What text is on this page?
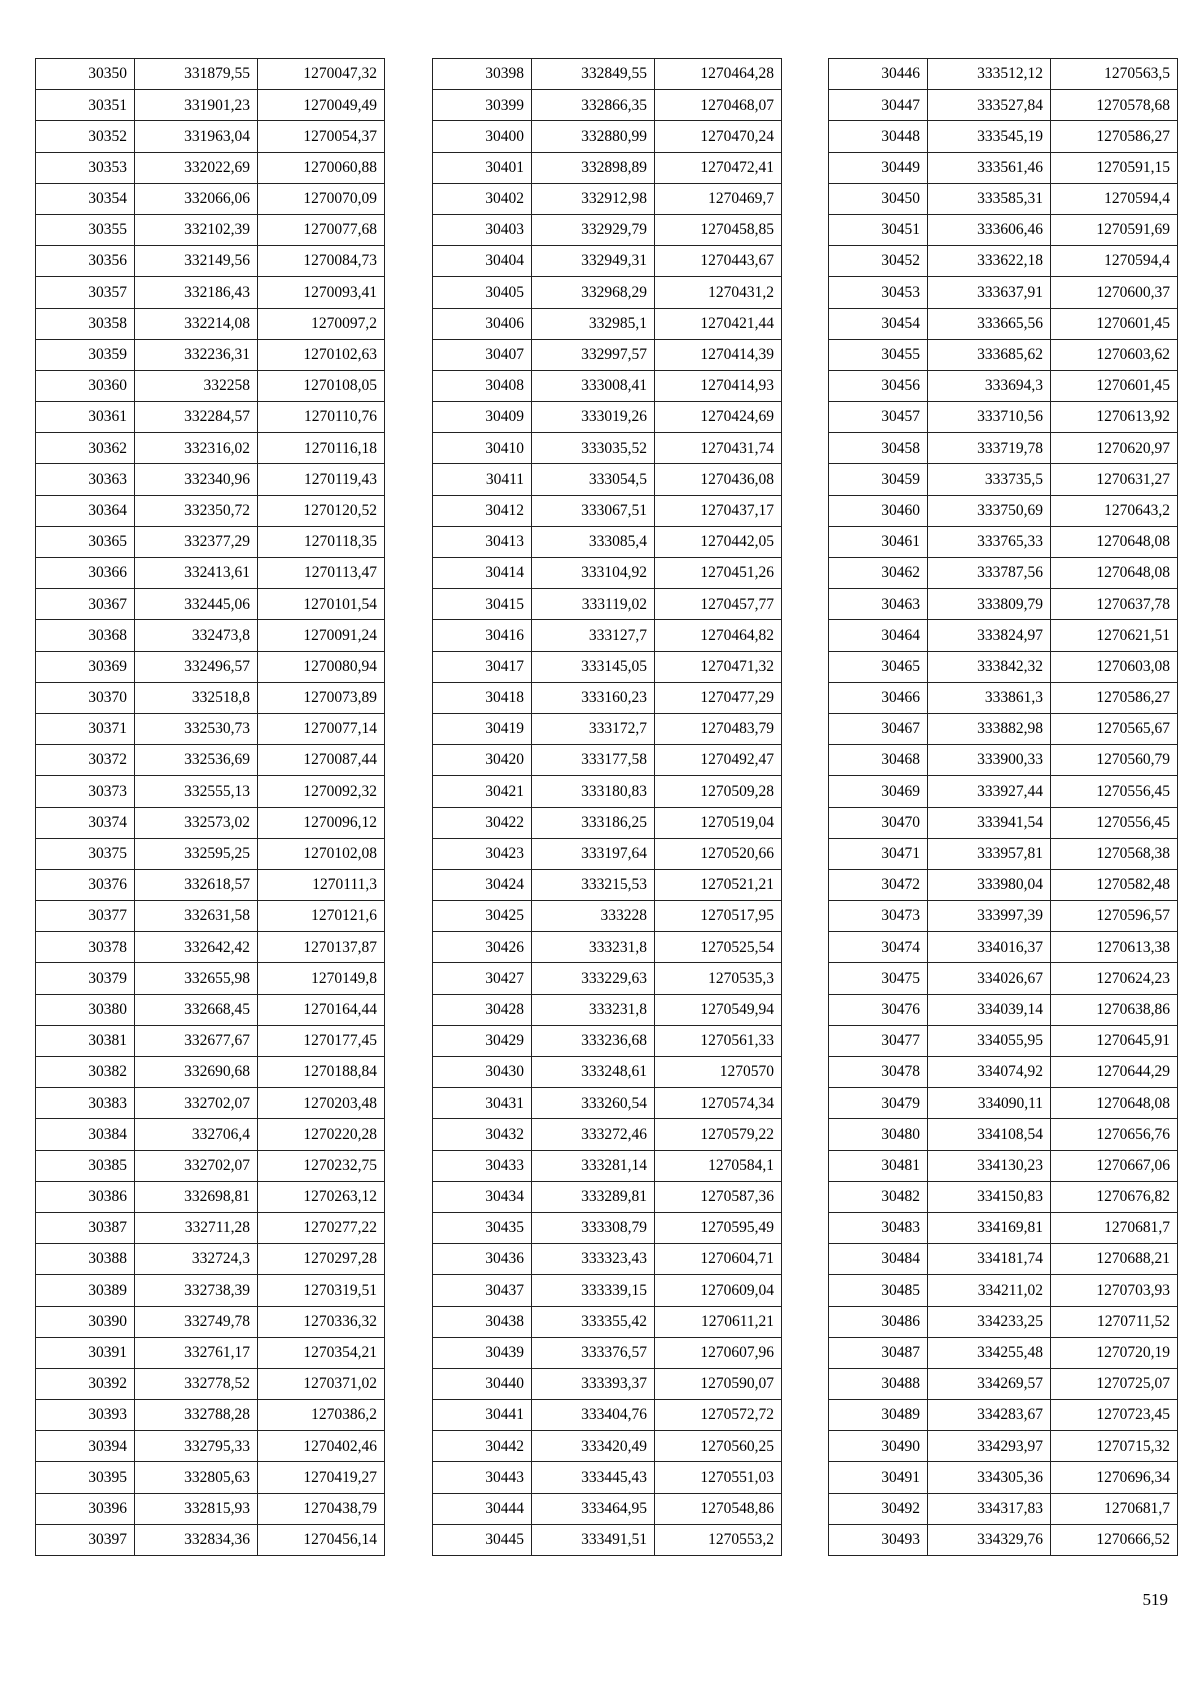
30350	331879,55	1270047,32
30351	331901,23	1270049,49
30352	331963,04	1270054,37
30353	332022,69	1270060,88
30354	332066,06	1270070,09
30355	332102,39	1270077,68
30356	332149,56	1270084,73
30357	332186,43	1270093,41
30358	332214,08	1270097,2
30359	332236,31	1270102,63
30360	332258	1270108,05
30361	332284,57	1270110,76
30362	332316,02	1270116,18
30363	332340,96	1270119,43
30364	332350,72	1270120,52
30365	332377,29	1270118,35
30366	332413,61	1270113,47
30367	332445,06	1270101,54
30368	332473,8	1270091,24
30369	332496,57	1270080,94
30370	332518,8	1270073,89
30371	332530,73	1270077,14
30372	332536,69	1270087,44
30373	332555,13	1270092,32
30374	332573,02	1270096,12
30375	332595,25	1270102,08
30376	332618,57	1270111,3
30377	332631,58	1270121,6
30378	332642,42	1270137,87
30379	332655,98	1270149,8
30380	332668,45	1270164,44
30381	332677,67	1270177,45
30382	332690,68	1270188,84
30383	332702,07	1270203,48
30384	332706,4	1270220,28
30385	332702,07	1270232,75
30386	332698,81	1270263,12
30387	332711,28	1270277,22
30388	332724,3	1270297,28
30389	332738,39	1270319,51
30390	332749,78	1270336,32
30391	332761,17	1270354,21
30392	332778,52	1270371,02
30393	332788,28	1270386,2
30394	332795,33	1270402,46
30395	332805,63	1270419,27
30396	332815,93	1270438,79
30397	332834,36	1270456,14
30398	332849,55	1270464,28
30399	332866,35	1270468,07
30400	332880,99	1270470,24
30401	332898,89	1270472,41
30402	332912,98	1270469,7
30403	332929,79	1270458,85
30404	332949,31	1270443,67
30405	332968,29	1270431,2
30406	332985,1	1270421,44
30407	332997,57	1270414,39
30408	333008,41	1270414,93
30409	333019,26	1270424,69
30410	333035,52	1270431,74
30411	333054,5	1270436,08
30412	333067,51	1270437,17
30413	333085,4	1270442,05
30414	333104,92	1270451,26
30415	333119,02	1270457,77
30416	333127,7	1270464,82
30417	333145,05	1270471,32
30418	333160,23	1270477,29
30419	333172,7	1270483,79
30420	333177,58	1270492,47
30421	333180,83	1270509,28
30422	333186,25	1270519,04
30423	333197,64	1270520,66
30424	333215,53	1270521,21
30425	333228	1270517,95
30426	333231,8	1270525,54
30427	333229,63	1270535,3
30428	333231,8	1270549,94
30429	333236,68	1270561,33
30430	333248,61	1270570
30431	333260,54	1270574,34
30432	333272,46	1270579,22
30433	333281,14	1270584,1
30434	333289,81	1270587,36
30435	333308,79	1270595,49
30436	333323,43	1270604,71
30437	333339,15	1270609,04
30438	333355,42	1270611,21
30439	333376,57	1270607,96
30440	333393,37	1270590,07
30441	333404,76	1270572,72
30442	333420,49	1270560,25
30443	333445,43	1270551,03
30444	333464,95	1270548,86
30445	333491,51	1270553,2
30446	333512,12	1270563,5
30447	333527,84	1270578,68
30448	333545,19	1270586,27
30449	333561,46	1270591,15
30450	333585,31	1270594,4
30451	333606,46	1270591,69
30452	333622,18	1270594,4
30453	333637,91	1270600,37
30454	333665,56	1270601,45
30455	333685,62	1270603,62
30456	333694,3	1270601,45
30457	333710,56	1270613,92
30458	333719,78	1270620,97
30459	333735,5	1270631,27
30460	333750,69	1270643,2
30461	333765,33	1270648,08
30462	333787,56	1270648,08
30463	333809,79	1270637,78
30464	333824,97	1270621,51
30465	333842,32	1270603,08
30466	333861,3	1270586,27
30467	333882,98	1270565,67
30468	333900,33	1270560,79
30469	333927,44	1270556,45
30470	333941,54	1270556,45
30471	333957,81	1270568,38
30472	333980,04	1270582,48
30473	333997,39	1270596,57
30474	334016,37	1270613,38
30475	334026,67	1270624,23
30476	334039,14	1270638,86
30477	334055,95	1270645,91
30478	334074,92	1270644,29
30479	334090,11	1270648,08
30480	334108,54	1270656,76
30481	334130,23	1270667,06
30482	334150,83	1270676,82
30483	334169,81	1270681,7
30484	334181,74	1270688,21
30485	334211,02	1270703,93
30486	334233,25	1270711,52
30487	334255,48	1270720,19
30488	334269,57	1270725,07
30489	334283,67	1270723,45
30490	334293,97	1270715,32
30491	334305,36	1270696,34
30492	334317,83	1270681,7
30493	334329,76	1270666,52
519
